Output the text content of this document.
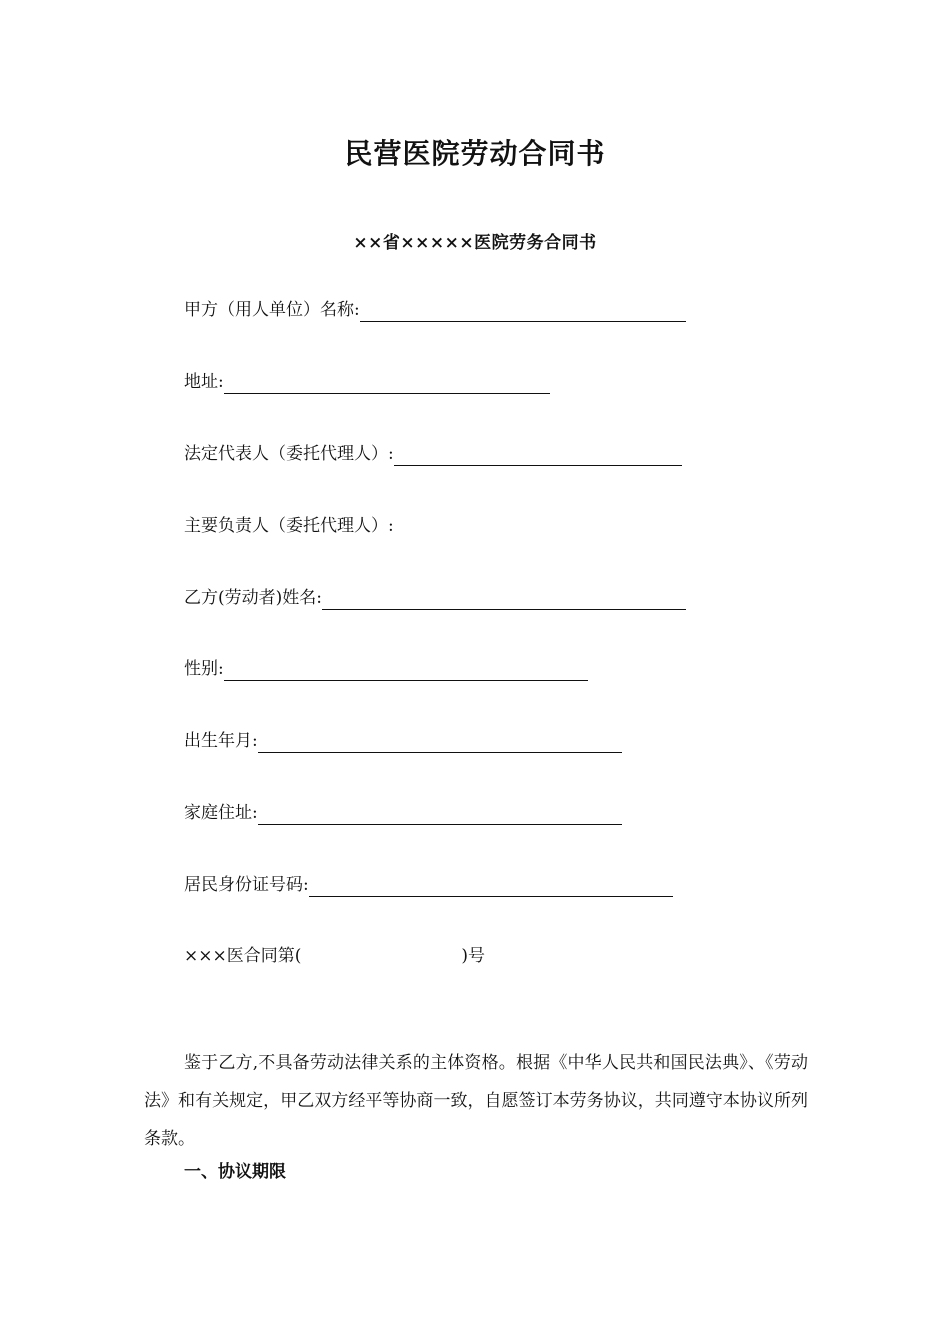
民营医院劳动合同书
××省×××××医院劳务合同书
甲方（用人单位）名称:
地址:
法定代表人（委托代理人）:
主要负责人（委托代理人）:
乙方(劳动者)姓名:
性别:
出生年月:
家庭住址:
居民身份证号码:
×××医合同第(	)号
鉴于乙方,不具备劳动法律关系的主体资格。根据《中华人民共和国民法典》、《劳动法》和有关规定，甲乙双方经平等协商一致，自愿签订本劳务协议，共同遵守本协议所列条款。
一、协议期限
